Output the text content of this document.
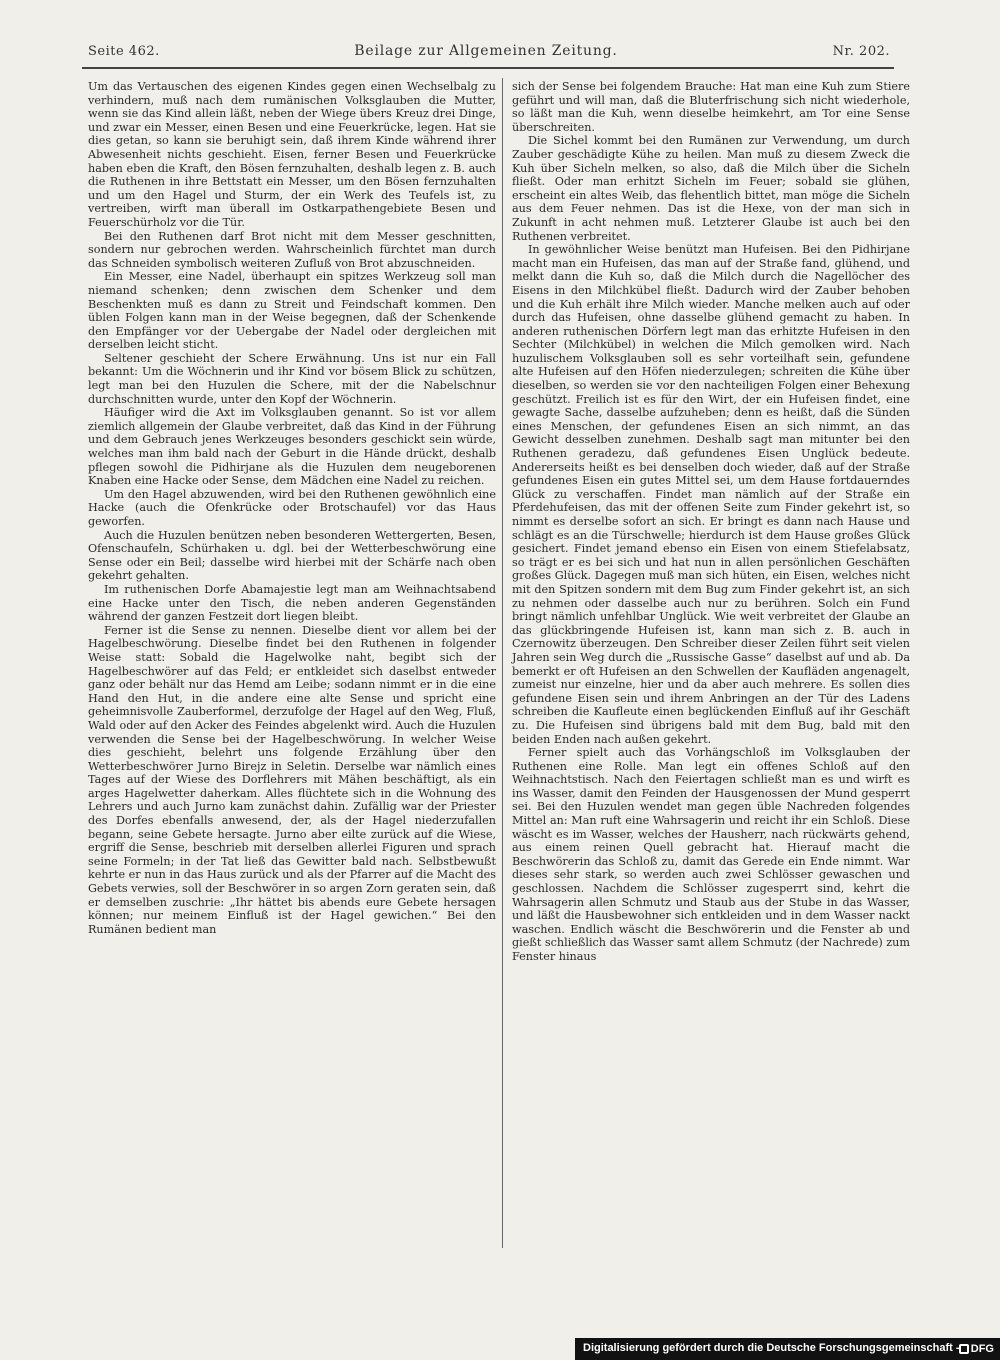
Seite 462.	Beilage zur Allgemeinen Zeitung.	Nr. 202.

Um das Vertauschen des eigenen Kindes gegen einen Wechselbalg zu verhindern, muß nach dem rumänischen Volksglauben die Mutter, wenn sie das Kind allein läßt, neben der Wiege übers Kreuz drei Dinge, und zwar ein Messer, einen Besen und eine Feuerkrücke, legen. Hat sie dies getan, so kann sie beruhigt sein, daß ihrem Kinde während ihrer Abwesenheit nichts geschieht. Eisen, ferner Besen und Feuerkrücke haben eben die Kraft, den Bösen fernzuhalten, deshalb legen z. B. auch die Ruthenen in ihre Bettstatt ein Messer, um den Bösen fernzuhalten und um den Hagel und Sturm, der ein Werk des Teufels ist, zu vertreiben, wirft man überall im Ostkarpathengebiete Besen und Feuerschürholz vor die Tür.

Bei den Ruthenen darf Brot nicht mit dem Messer geschnitten, sondern nur gebrochen werden. Wahrscheinlich fürchtet man durch das Schneiden symbolisch weiteren Zufluß von Brot abzuschneiden.

Ein Messer, eine Nadel, überhaupt ein spitzes Werkzeug soll man niemand schenken; denn zwischen dem Schenker und dem Beschenkten muß es dann zu Streit und Feindschaft kommen. Den üblen Folgen kann man in der Weise begegnen, daß der Schenkende den Empfänger vor der Uebergabe der Nadel oder dergleichen mit derselben leicht sticht.

Seltener geschieht der Schere Erwähnung. Uns ist nur ein Fall bekannt: Um die Wöchnerin und ihr Kind vor bösem Blick zu schützen, legt man bei den Huzulen die Schere, mit der die Nabelschnur durchschnitten wurde, unter den Kopf der Wöchnerin.

Häufiger wird die Axt im Volksglauben genannt. So ist vor allem ziemlich allgemein der Glaube verbreitet, daß das Kind in der Führung und dem Gebrauch jenes Werkzeuges besonders geschickt sein würde, welches man ihm bald nach der Geburt in die Hände drückt, deshalb pflegen sowohl die Pidhirjane als die Huzulen dem neugeborenen Knaben eine Hacke oder Sense, dem Mädchen eine Nadel zu reichen.

Um den Hagel abzuwenden, wird bei den Ruthenen gewöhnlich eine Hacke (auch die Ofenkrücke oder Brotschaufel) vor das Haus geworfen.

Auch die Huzulen benützen neben besonderen Wettergerten, Besen, Ofenschaufeln, Schürhaken u. dgl. bei der Wetterbeschwörung eine Sense oder ein Beil; dasselbe wird hierbei mit der Schärfe nach oben gekehrt gehalten.

Im ruthenischen Dorfe Abamajestie legt man am Weihnachtsabend eine Hacke unter den Tisch, die neben anderen Gegenständen während der ganzen Festzeit dort liegen bleibt.

Ferner ist die Sense zu nennen. Dieselbe dient vor allem bei der Hagelbeschwörung. Dieselbe findet bei den Ruthenen in folgender Weise statt: Sobald die Hagelwolke naht, begibt sich der Hagelbeschwörer auf das Feld; er entkleidet sich daselbst entweder ganz oder behält nur das Hemd am Leibe; sodann nimmt er in die eine Hand den Hut, in die andere eine alte Sense und spricht eine geheimnisvolle Zauberformel, derzufolge der Hagel auf den Weg, Fluß, Wald oder auf den Acker des Feindes abgelenkt wird. Auch die Huzulen verwenden die Sense bei der Hagelbeschwörung. In welcher Weise dies geschieht, belehrt uns folgende Erzählung über den Wetterbeschwörer Jurno Birejz in Seletin. Derselbe war nämlich eines Tages auf der Wiese des Dorflehrers mit Mähen beschäftigt, als ein arges Hagelwetter daherkam. Alles flüchtete sich in die Wohnung des Lehrers und auch Jurno kam zunächst dahin. Zufällig war der Priester des Dorfes ebenfalls anwesend, der, als der Hagel niederzufallen begann, seine Gebete hersagte. Jurno aber eilte zurück auf die Wiese, ergriff die Sense, beschrieb mit derselben allerlei Figuren und sprach seine Formeln; in der Tat ließ das Gewitter bald nach. Selbstbewußt kehrte er nun in das Haus zurück und als der Pfarrer auf die Macht des Gebets verwies, soll der Beschwörer in so argen Zorn geraten sein, daß er demselben zuschrie: „Ihr hättet bis abends eure Gebete hersagen können; nur meinem Einfluß ist der Hagel gewichen.“ Bei den Rumänen bedient man

sich der Sense bei folgendem Brauche: Hat man eine Kuh zum Stiere geführt und will man, daß die Bluterfrischung sich nicht wiederhole, so läßt man die Kuh, wenn dieselbe heimkehrt, am Tor eine Sense überschreiten.

Die Sichel kommt bei den Rumänen zur Verwendung, um durch Zauber geschädigte Kühe zu heilen. Man muß zu diesem Zweck die Kuh über Sicheln melken, so also, daß die Milch über die Sicheln fließt. Oder man erhitzt Sicheln im Feuer; sobald sie glühen, erscheint ein altes Weib, das flehentlich bittet, man möge die Sicheln aus dem Feuer nehmen. Das ist die Hexe, von der man sich in Zukunft in acht nehmen muß. Letzterer Glaube ist auch bei den Ruthenen verbreitet.

In gewöhnlicher Weise benützt man Hufeisen. Bei den Pidhirjane macht man ein Hufeisen, das man auf der Straße fand, glühend, und melkt dann die Kuh so, daß die Milch durch die Nagellöcher des Eisens in den Milchkübel fließt. Dadurch wird der Zauber behoben und die Kuh erhält ihre Milch wieder. Manche melken auch auf oder durch das Hufeisen, ohne dasselbe glühend gemacht zu haben. In anderen ruthenischen Dörfern legt man das erhitzte Hufeisen in den Sechter (Milchkübel) in welchen die Milch gemolken wird. Nach huzulischem Volksglauben soll es sehr vorteilhaft sein, gefundene alte Hufeisen auf den Höfen niederzulegen; schreiten die Kühe über dieselben, so werden sie vor den nachteiligen Folgen einer Behexung geschützt. Freilich ist es für den Wirt, der ein Hufeisen findet, eine gewagte Sache, dasselbe aufzuheben; denn es heißt, daß die Sünden eines Menschen, der gefundenes Eisen an sich nimmt, an das Gewicht desselben zunehmen. Deshalb sagt man mitunter bei den Ruthenen geradezu, daß gefundenes Eisen Unglück bedeute. Andererseits heißt es bei denselben doch wieder, daß auf der Straße gefundenes Eisen ein gutes Mittel sei, um dem Hause fortdauerndes Glück zu verschaffen. Findet man nämlich auf der Straße ein Pferdehufeisen, das mit der offenen Seite zum Finder gekehrt ist, so nimmt es derselbe sofort an sich. Er bringt es dann nach Hause und schlägt es an die Türschwelle; hierdurch ist dem Hause großes Glück gesichert. Findet jemand ebenso ein Eisen von einem Stiefelabsatz, so trägt er es bei sich und hat nun in allen persönlichen Geschäften großes Glück. Dagegen muß man sich hüten, ein Eisen, welches nicht mit den Spitzen sondern mit dem Bug zum Finder gekehrt ist, an sich zu nehmen oder dasselbe auch nur zu berühren. Solch ein Fund bringt nämlich unfehlbar Unglück. Wie weit verbreitet der Glaube an das glückbringende Hufeisen ist, kann man sich z. B. auch in Czernowitz überzeugen. Den Schreiber dieser Zeilen führt seit vielen Jahren sein Weg durch die „Russische Gasse“ daselbst auf und ab. Da bemerkt er oft Hufeisen an den Schwellen der Kaufläden angenagelt, zumeist nur einzelne, hier und da aber auch mehrere. Es sollen dies gefundene Eisen sein und ihrem Anbringen an der Tür des Ladens schreiben die Kaufleute einen beglückenden Einfluß auf ihr Geschäft zu. Die Hufeisen sind übrigens bald mit dem Bug, bald mit den beiden Enden nach außen gekehrt.

Ferner spielt auch das Vorhängschloß im Volksglauben der Ruthenen eine Rolle. Man legt ein offenes Schloß auf den Weihnachtstisch. Nach den Feiertagen schließt man es und wirft es ins Wasser, damit den Feinden der Hausgenossen der Mund gesperrt sei. Bei den Huzulen wendet man gegen üble Nachreden folgendes Mittel an: Man ruft eine Wahrsagerin und reicht ihr ein Schloß. Diese wäscht es im Wasser, welches der Hausherr, nach rückwärts gehend, aus einem reinen Quell gebracht hat. Hierauf macht die Beschwörerin das Schloß zu, damit das Gerede ein Ende nimmt. War dieses sehr stark, so werden auch zwei Schlösser gewaschen und geschlossen. Nachdem die Schlösser zugesperrt sind, kehrt die Wahrsagerin allen Schmutz und Staub aus der Stube in das Wasser, und läßt die Hausbewohner sich entkleiden und in dem Wasser nackt waschen. Endlich wäscht die Beschwörerin und die Fenster ab und gießt schließlich das Wasser samt allem Schmutz (der Nachrede) zum Fenster hinaus

Digitalisierung gefördert durch die Deutsche Forschungsgemeinschaft - DFG
